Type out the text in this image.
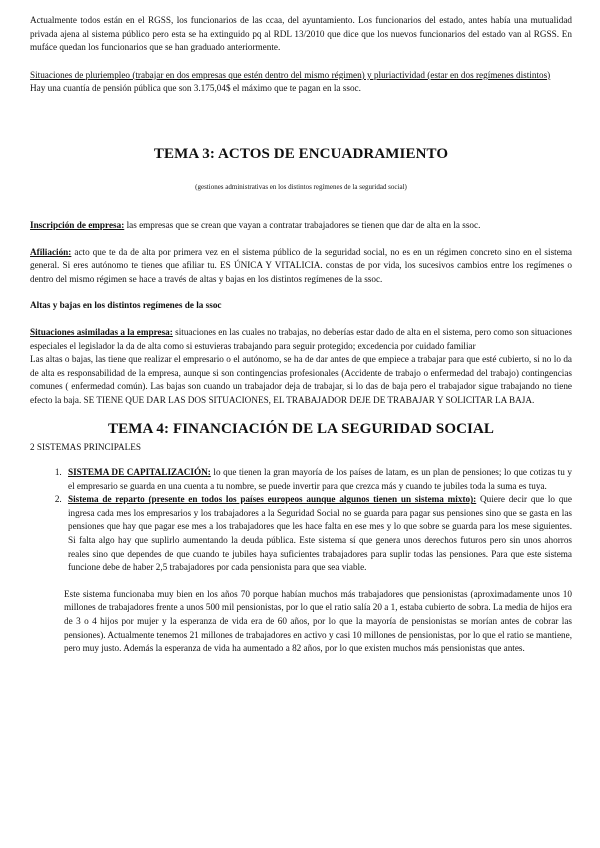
Actualmente todos están en el RGSS, los funcionarios de las ccaa, del ayuntamiento. Los funcionarios del estado, antes había una mutualidad privada ajena al sistema público pero esta se ha extinguido pq al RDL 13/2010 que dice que los nuevos funcionarios del estado van al RGSS. En mufáce quedan los funcionarios que se han graduado anteriormente.

Situaciones de pluriempleo (trabajar en dos empresas que estén dentro del mismo régimen) y pluriactividad (estar en dos regímenes distintos)

Hay una cuantía de pensión pública que son 3.175,04$ el máximo que te pagan en la ssoc.

TEMA 3: ACTOS DE ENCUADRAMIENTO

(gestiones administrativas en los distintos regímenes de la seguridad social)

Inscripción de empresa: las empresas que se crean que vayan a contratar trabajadores se tienen que dar de alta en la ssoc.

Afiliación: acto que te da de alta por primera vez en el sistema público de la seguridad social, no es en un régimen concreto sino en el sistema general. Si eres autónomo te tienes que afiliar tu. ES ÚNICA Y VITALICIA. constas de por vida, los sucesivos cambios entre los regímenes o dentro del mismo régimen se hace a través de altas y bajas en los distintos regímenes de la ssoc.

Altas y bajas en los distintos regímenes de la ssoc

Situaciones asimiladas a la empresa: situaciones en las cuales no trabajas, no deberías estar dado de alta en el sistema, pero como son situaciones especiales el legislador la da de alta como si estuvieras trabajando para seguir protegido; excedencia por cuidado familiar

Las altas o bajas, las tiene que realizar el empresario o el autónomo, se ha de dar antes de que empiece a trabajar para que esté cubierto, si no lo da de alta es responsabilidad de la empresa, aunque si son contingencias profesionales (Accidente de trabajo o enfermedad del trabajo) contingencias comunes ( enfermedad común). Las bajas son cuando un trabajador deja de trabajar, si lo das de baja pero el trabajador sigue trabajando no tiene efecto la baja. SE TIENE QUE DAR LAS DOS SITUACIONES, EL TRABAJADOR DEJE DE TRABAJAR Y SOLICITAR LA BAJA.

TEMA 4: FINANCIACIÓN DE LA SEGURIDAD SOCIAL

2 SISTEMAS PRINCIPALES

1. SISTEMA DE CAPITALIZACIÓN: lo que tienen la gran mayoría de los países de latam, es un plan de pensiones; lo que cotizas tu y el empresario se guarda en una cuenta a tu nombre, se puede invertir para que crezca más y cuando te jubiles toda la suma es tuya.
2. Sistema de reparto (presente en todos los países europeos aunque algunos tienen un sistema mixto): Quiere decir que lo que ingresa cada mes los empresarios y los trabajadores a la Seguridad Social no se guarda para pagar sus pensiones sino que se gasta en las pensiones que hay que pagar ese mes a los trabajadores que les hace falta en ese mes y lo que sobre se guarda para los mese siguientes. Si falta algo hay que suplirlo aumentando la deuda pública. Este sistema sí que genera unos derechos futuros pero sin unos ahorros reales sino que dependes de que cuando te jubiles haya suficientes trabajadores para suplir todas las pensiones. Para que este sistema funcione debe de haber 2,5 trabajadores por cada pensionista para que sea viable.

Este sistema funcionaba muy bien en los años 70 porque habían muchos más trabajadores que pensionistas (aproximadamente unos 10 millones de trabajadores frente a unos 500 mil pensionistas, por lo que el ratio salía 20 a 1, estaba cubierto de sobra. La media de hijos era de 3 o 4 hijos por mujer y la esperanza de vida era de 60 años, por lo que la mayoría de pensionistas se morían antes de cobrar las pensiones). Actualmente tenemos 21 millones de trabajadores en activo y casi 10 millones de pensionistas, por lo que el ratio se mantiene, pero muy justo. Además la esperanza de vida ha aumentado a 82 años, por lo que existen muchos más pensionistas que antes.
